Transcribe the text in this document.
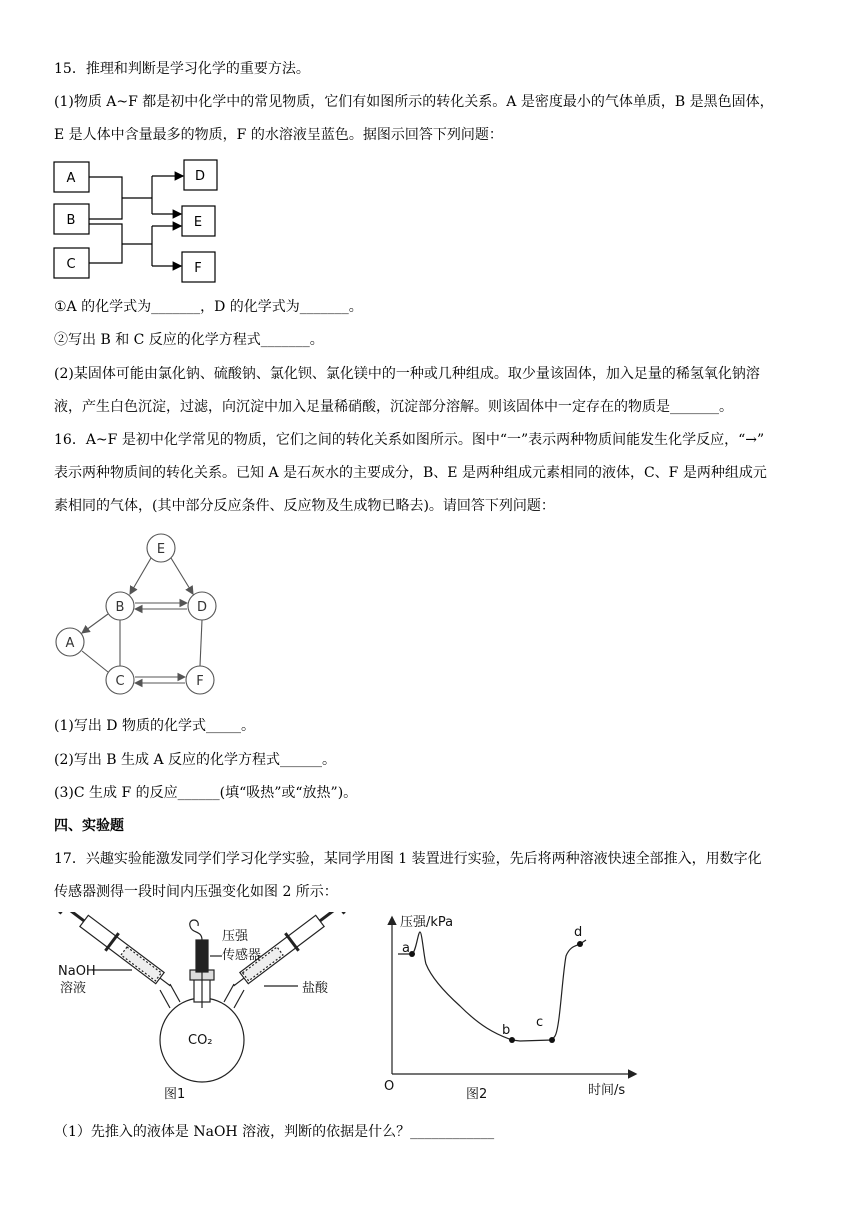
15．推理和判断是学习化学的重要方法。
(1)物质 A~F 都是初中化学中的常见物质，它们有如图所示的转化关系。A 是密度最小的气体单质，B 是黑色固体，
E 是人体中含量最多的物质，F 的水溶液呈蓝色。据图示回答下列问题：
A
B
C
D
E
F
①A 的化学式为_______，D 的化学式为_______。
②写出 B 和 C 反应的化学方程式_______。
(2)某固体可能由氯化钠、硫酸钠、氯化钡、氯化镁中的一种或几种组成。取少量该固体，加入足量的稀氢氧化钠溶
液，产生白色沉淀，过滤，向沉淀中加入足量稀硝酸，沉淀部分溶解。则该固体中一定存在的物质是_______。
16．A~F 是初中化学常见的物质，它们之间的转化关系如图所示。图中“一”表示两种物质间能发生化学反应，“→”
表示两种物质间的转化关系。已知 A 是石灰水的主要成分，B、E 是两种组成元素相同的液体，C、F 是两种组成元
素相同的气体，(其中部分反应条件、反应物及生成物已略去)。请回答下列问题：
E
B	D
A
C	F
(1)写出 D 物质的化学式_____。
(2)写出 B 生成 A 反应的化学方程式______。
(3)C 生成 F 的反应______(填“吸热”或“放热”)。
四、实验题
17．兴趣实验能激发同学们学习化学实验，某同学用图 1 装置进行实验，先后将两种溶液快速全部推入，用数字化
传感器测得一段时间内压强变化如图 2 所示：
NaOH
溶液
压强
传感器
盐酸
CO₂
图1
压强/kPa
时间/s
O
a
b
c
d
图2
（1）先推入的液体是 NaOH 溶液，判断的依据是什么？____________
